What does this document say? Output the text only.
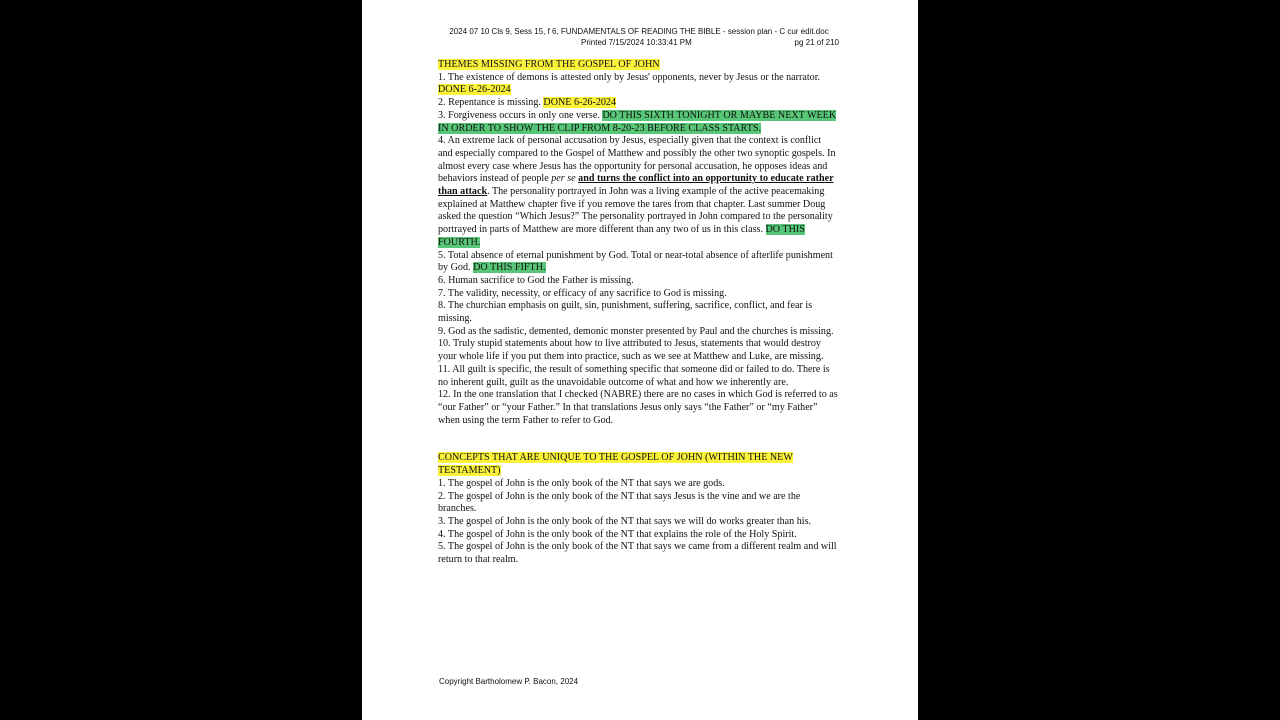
2024 07 10 Cls 9, Sess 15, f 6, FUNDAMENTALS OF READING THE BIBLE - session plan - C cur edit.doc
Printed 7/15/2024 10:33:41 PM	pg 21 of 210

THEMES MISSING FROM THE GOSPEL OF JOHN

1. The existence of demons is attested only by Jesus' opponents, never by Jesus or the narrator. DONE 6-26-2024

2. Repentance is missing. DONE 6-26-2024

3. Forgiveness occurs in only one verse. DO THIS SIXTH TONIGHT OR MAYBE NEXT WEEK IN ORDER TO SHOW THE CLIP FROM 8-20-23 BEFORE CLASS STARTS.

4. An extreme lack of personal accusation by Jesus, especially given that the context is conflict and especially compared to the Gospel of Matthew and possibly the other two synoptic gospels. In almost every case where Jesus has the opportunity for personal accusation, he opposes ideas and behaviors instead of people per se and turns the conflict into an opportunity to educate rather than attack. The personality portrayed in John was a living example of the active peacemaking explained at Matthew chapter five if you remove the tares from that chapter. Last summer Doug asked the question “Which Jesus?” The personality portrayed in John compared to the personality portrayed in parts of Matthew are more different than any two of us in this class. DO THIS FOURTH.

5. Total absence of eternal punishment by God. Total or near-total absence of afterlife punishment by God. DO THIS FIFTH.

6. Human sacrifice to God the Father is missing.

7. The validity, necessity, or efficacy of any sacrifice to God is missing.

8. The churchian emphasis on guilt, sin, punishment, suffering, sacrifice, conflict, and fear is missing.

9. God as the sadistic, demented, demonic monster presented by Paul and the churches is missing.

10. Truly stupid statements about how to live attributed to Jesus, statements that would destroy your whole life if you put them into practice, such as we see at Matthew and Luke, are missing.

11. All guilt is specific, the result of something specific that someone did or failed to do. There is no inherent guilt, guilt as the unavoidable outcome of what and how we inherently are.

12. In the one translation that I checked (NABRE) there are no cases in which God is referred to as “our Father” or “your Father.” In that translations Jesus only says “the Father” or “my Father” when using the term Father to refer to God.

CONCEPTS THAT ARE UNIQUE TO THE GOSPEL OF JOHN (WITHIN THE NEW TESTAMENT)

1. The gospel of John is the only book of the NT that says we are gods.

2. The gospel of John is the only book of the NT that says Jesus is the vine and we are the branches.

3. The gospel of John is the only book of the NT that says we will do works greater than his.

4. The gospel of John is the only book of the NT that explains the role of the Holy Spirit.

5. The gospel of John is the only book of the NT that says we came from a different realm and will return to that realm.

Copyright Bartholomew P. Bacon, 2024
